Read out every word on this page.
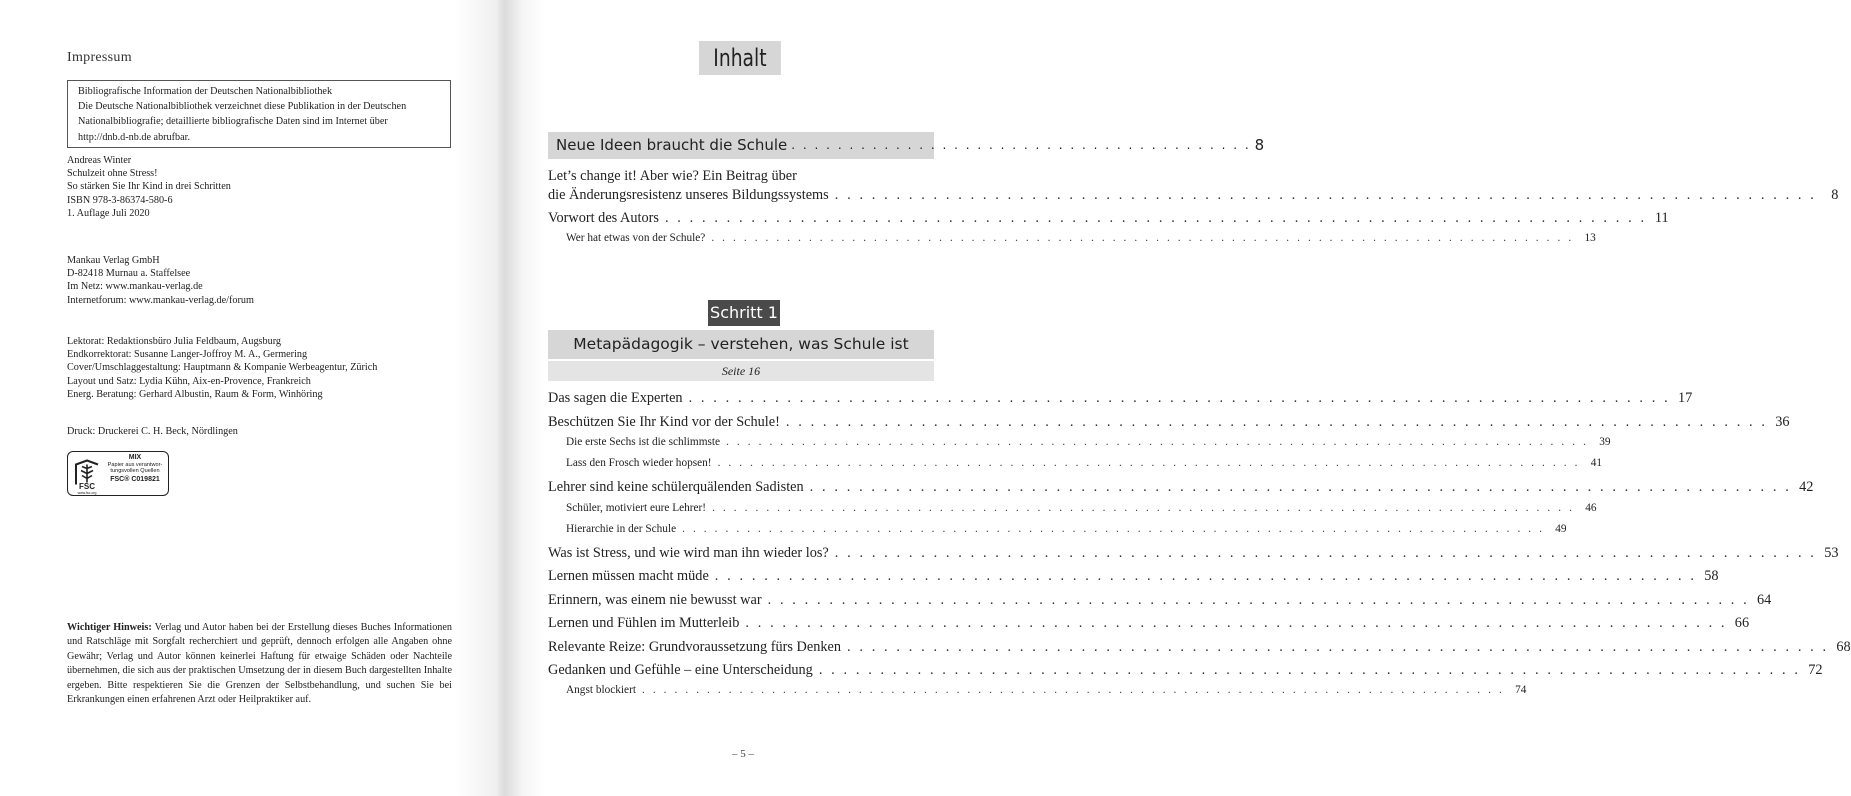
Impressum
Bibliografische Information der Deutschen Nationalbibliothek
Die Deutsche Nationalbibliothek verzeichnet diese Publikation in der Deutschen
Nationalbibliografie; detaillierte bibliografische Daten sind im Internet über
http://dnb.d-nb.de abrufbar.
Andreas Winter
Schulzeit ohne Stress!
So stärken Sie Ihr Kind in drei Schritten
ISBN 978-3-86374-580-6
1. Auflage Juli 2020
Mankau Verlag GmbH
D-82418 Murnau a. Staffelsee
Im Netz: www.mankau-verlag.de
Internetforum: www.mankau-verlag.de/forum
Lektorat: Redaktionsbüro Julia Feldbaum, Augsburg
Endkorrektorat: Susanne Langer-Joffroy M. A., Germering
Cover/Umschlaggestaltung: Hauptmann & Kompanie Werbeagentur, Zürich
Layout und Satz: Lydia Kühn, Aix-en-Provence, Frankreich
Energ. Beratung: Gerhard Albustin, Raum & Form, Winhöring
Druck: Druckerei C. H. Beck, Nördlingen
FSC
www.fsc.org
MIX
Papier aus verantwor-
tungsvollen Quellen
FSC® C019821
Wichtiger Hinweis: Verlag und Autor haben bei der Erstellung dieses Buches Informationen und Ratschläge mit Sorgfalt recherchiert und geprüft, dennoch erfolgen alle Angaben ohne Gewähr; Verlag und Autor können keinerlei Haftung für etwaige Schäden oder Nachteile übernehmen, die sich aus der praktischen Umsetzung der in diesem Buch dargestellten Inhalte ergeben. Bitte respektieren Sie die Grenzen der Selbstbehandlung, und suchen Sie bei Erkrankungen einen erfahrenen Arzt oder Heilpraktiker auf.
Inhalt
Neue Ideen braucht die Schule . . . . . . . . . . . . . . . . . . . . . . . . . . . . . . . . . . . . . . . . 8
Let’s change it! Aber wie? Ein Beitrag über
die Änderungsresistenz unseres Bildungssystems . . . . . . . . . . . . . . . . . . . . . . . . . . . . . . . . . . . . . . . . . . . . . . . . . . . . . . . . . . . . . . . . . . . . . . . . . . . . . . . .	8
Vorwort des Autors . . . . . . . . . . . . . . . . . . . . . . . . . . . . . . . . . . . . . . . . . . . . . . . . . . . . . . . . . . . . . . . . . . . . . . . . . . . . . . . . 11
Wer hat etwas von der Schule? . . . . . . . . . . . . . . . . . . . . . . . . . . . . . . . . . . . . . . . . . . . . . . . . . . . . . . . . . . . . . . . . . . . . . . . . . . . . . . . . 13
Schritt 1
Metapädagogik – verstehen, was Schule ist
Seite 16
Das sagen die Experten . . . . . . . . . . . . . . . . . . . . . . . . . . . . . . . . . . . . . . . . . . . . . . . . . . . . . . . . . . . . . . . . . . . . . . . . . . . . . . . . 17
Beschützen Sie Ihr Kind vor der Schule! . . . . . . . . . . . . . . . . . . . . . . . . . . . . . . . . . . . . . . . . . . . . . . . . . . . . . . . . . . . . . . . . . . . . . . . . . . . . . . . . 36
Die erste Sechs ist die schlimmste . . . . . . . . . . . . . . . . . . . . . . . . . . . . . . . . . . . . . . . . . . . . . . . . . . . . . . . . . . . . . . . . . . . . . . . . . . . . . . . . 39
Lass den Frosch wieder hopsen! . . . . . . . . . . . . . . . . . . . . . . . . . . . . . . . . . . . . . . . . . . . . . . . . . . . . . . . . . . . . . . . . . . . . . . . . . . . . . . . . 41
Lehrer sind keine schülerquälenden Sadisten . . . . . . . . . . . . . . . . . . . . . . . . . . . . . . . . . . . . . . . . . . . . . . . . . . . . . . . . . . . . . . . . . . . . . . . . . . . . . . . . 42
Schüler, motiviert eure Lehrer! . . . . . . . . . . . . . . . . . . . . . . . . . . . . . . . . . . . . . . . . . . . . . . . . . . . . . . . . . . . . . . . . . . . . . . . . . . . . . . . . 46
Hierarchie in der Schule . . . . . . . . . . . . . . . . . . . . . . . . . . . . . . . . . . . . . . . . . . . . . . . . . . . . . . . . . . . . . . . . . . . . . . . . . . . . . . . . 49
Was ist Stress, und wie wird man ihn wieder los? . . . . . . . . . . . . . . . . . . . . . . . . . . . . . . . . . . . . . . . . . . . . . . . . . . . . . . . . . . . . . . . . . . . . . . . . . . . . . . . . 53
Lernen müssen macht müde . . . . . . . . . . . . . . . . . . . . . . . . . . . . . . . . . . . . . . . . . . . . . . . . . . . . . . . . . . . . . . . . . . . . . . . . . . . . . . . . 58
Erinnern, was einem nie bewusst war . . . . . . . . . . . . . . . . . . . . . . . . . . . . . . . . . . . . . . . . . . . . . . . . . . . . . . . . . . . . . . . . . . . . . . . . . . . . . . . . 64
Lernen und Fühlen im Mutterleib . . . . . . . . . . . . . . . . . . . . . . . . . . . . . . . . . . . . . . . . . . . . . . . . . . . . . . . . . . . . . . . . . . . . . . . . . . . . . . . . 66
Relevante Reize: Grundvoraussetzung fürs Denken . . . . . . . . . . . . . . . . . . . . . . . . . . . . . . . . . . . . . . . . . . . . . . . . . . . . . . . . . . . . . . . . . . . . . . . . . . . . . . . . 68
Gedanken und Gefühle – eine Unterscheidung . . . . . . . . . . . . . . . . . . . . . . . . . . . . . . . . . . . . . . . . . . . . . . . . . . . . . . . . . . . . . . . . . . . . . . . . . . . . . . . . 72
Angst blockiert . . . . . . . . . . . . . . . . . . . . . . . . . . . . . . . . . . . . . . . . . . . . . . . . . . . . . . . . . . . . . . . . . . . . . . . . . . . . . . . . 74
– 5 –
